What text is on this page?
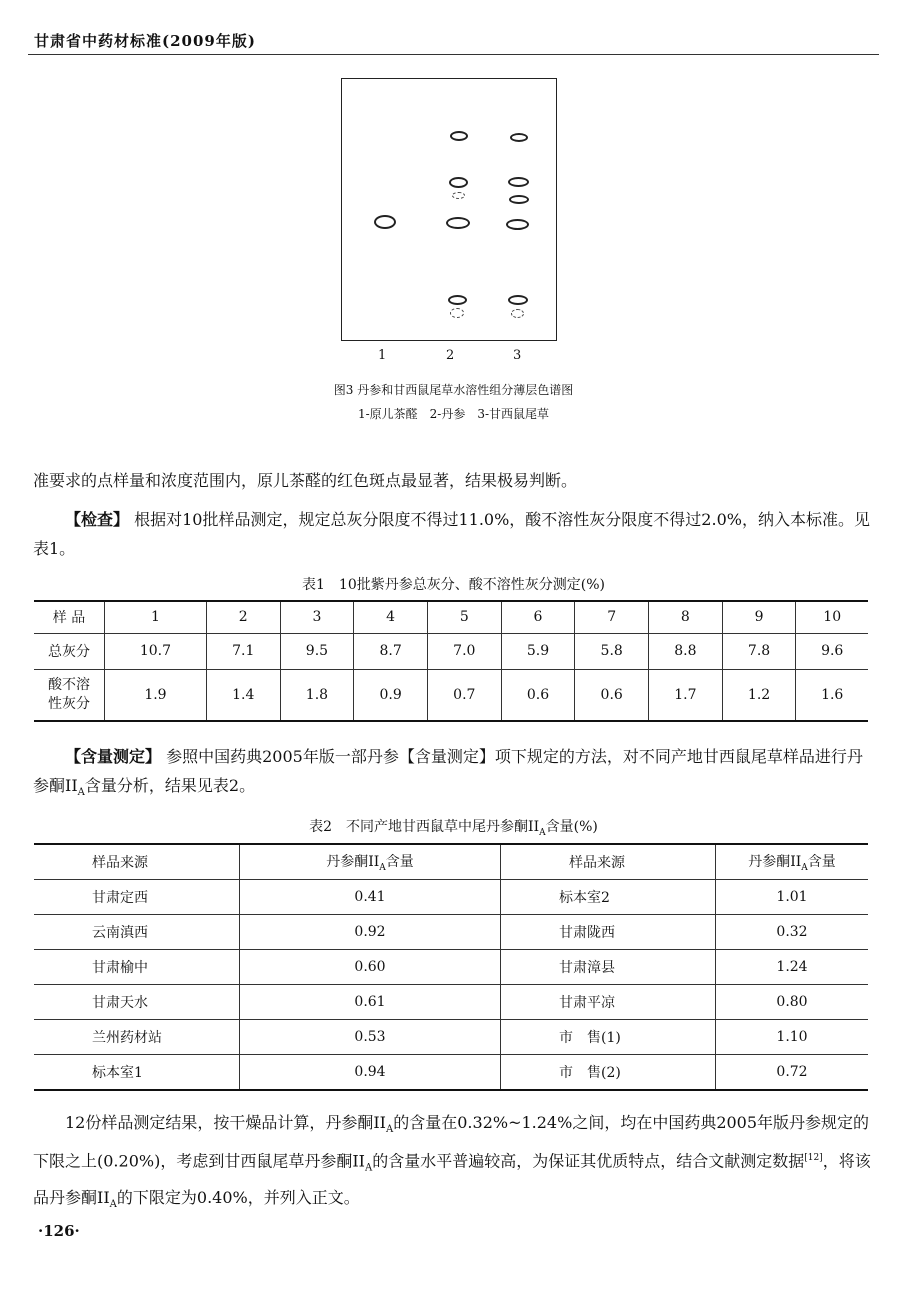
甘肃省中药材标准(2009年版)
1	2	3
图3 丹参和甘西鼠尾草水溶性组分薄层色谱图
1-原儿茶醛　2-丹参　3-甘西鼠尾草
准要求的点样量和浓度范围内，原儿茶醛的红色斑点最显著，结果极易判断。
【检查】 根据对10批样品测定，规定总灰分限度不得过11.0%，酸不溶性灰分限度不得过2.0%，纳入本标准。见表1。
表1　10批紫丹参总灰分、酸不溶性灰分测定(%)
样 品	1	2	3	4	5	6	7	8	9	10
总灰分	10.7	7.1	9.5	8.7	7.0	5.9	5.8	8.8	7.8	9.6
酸不溶性灰分	1.9	1.4	1.8	0.9	0.7	0.6	0.6	1.7	1.2	1.6
【含量测定】 参照中国药典2005年版一部丹参【含量测定】项下规定的方法，对不同产地甘西鼠尾草样品进行丹参酮$II_A$含量分析，结果见表2。
表2　不同产地甘西鼠草中尾丹参酮$II_A$含量(%)
样品来源	丹参酮$II_A$含量	样品来源	丹参酮$II_A$含量
甘肃定西	0.41	标本室2	1.01
云南滇西	0.92	甘肃陇西	0.32
甘肃榆中	0.60	甘肃漳县	1.24
甘肃天水	0.61	甘肃平凉	0.80
兰州药材站	0.53	市　售(1)	1.10
标本室1	0.94	市　售(2)	0.72
12份样品测定结果，按干燥品计算，丹参酮$II_A$的含量在0.32%~1.24%之间，均在中国药典2005年版丹参规定的下限之上(0.20%)，考虑到甘西鼠尾草丹参酮$II_A$的含量水平普遍较高，为保证其优质特点，结合文献测定数据[12]，将该品丹参酮$II_A$的下限定为0.40%，并列入正文。
·126·
